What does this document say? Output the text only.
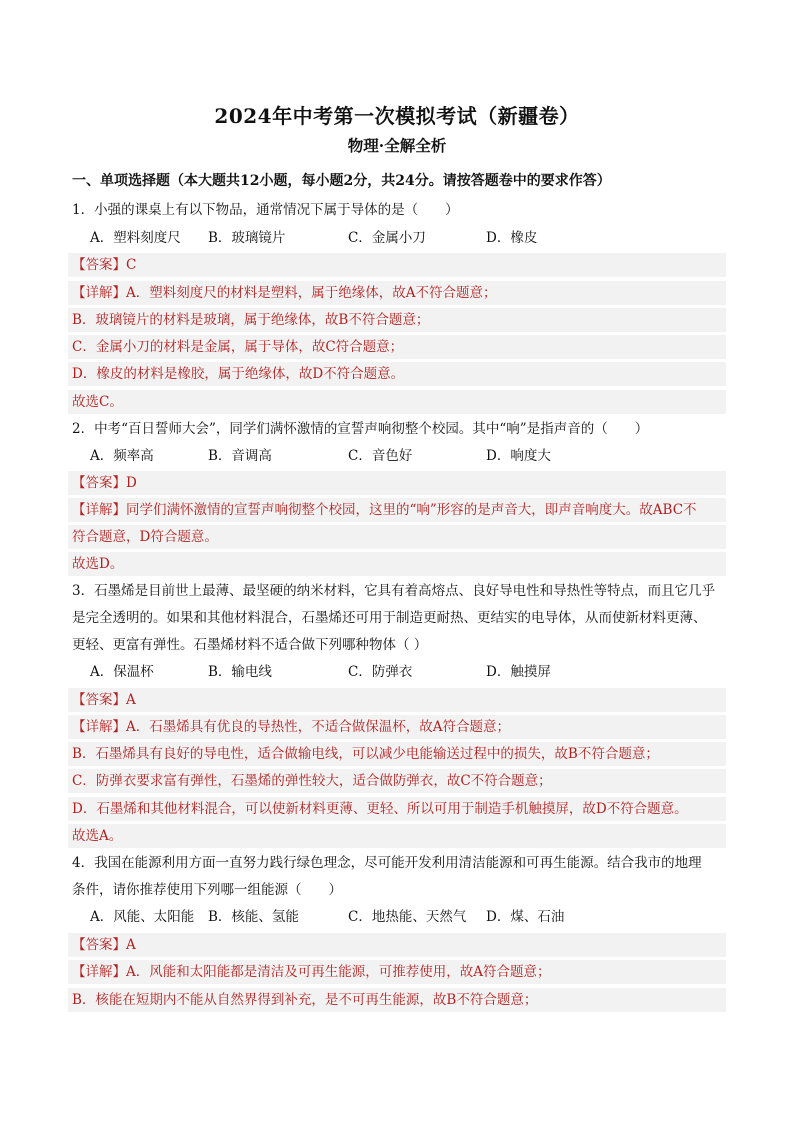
2024年中考第一次模拟考试（新疆卷）
物理·全解全析
一、单项选择题（本大题共12小题，每小题2分，共24分。请按答题卷中的要求作答）
1．小强的课桌上有以下物品，通常情况下属于导体的是（　　）
A．塑料刻度尺	B．玻璃镜片	C．金属小刀	D．橡皮
【答案】C
【详解】A．塑料刻度尺的材料是塑料，属于绝缘体，故A不符合题意；
B．玻璃镜片的材料是玻璃，属于绝缘体，故B不符合题意；
C．金属小刀的材料是金属，属于导体，故C符合题意；
D．橡皮的材料是橡胶，属于绝缘体，故D不符合题意。
故选C。
2．中考“百日誓师大会”，同学们满怀激情的宣誓声响彻整个校园。其中“响”是指声音的（　　）
A．频率高	B．音调高	C．音色好	D．响度大
【答案】D
【详解】同学们满怀激情的宣誓声响彻整个校园，这里的“响”形容的是声音大，即声音响度大。故ABC不
符合题意，D符合题意。
故选D。
3．石墨烯是目前世上最薄、最坚硬的纳米材料，它具有着高熔点、良好导电性和导热性等特点，而且它几乎
是完全透明的。如果和其他材料混合，石墨烯还可用于制造更耐热、更结实的电导体，从而使新材料更薄、
更轻、更富有弹性。石墨烯材料不适合做下列哪种物体（ ）
A．保温杯	B．输电线	C．防弹衣	D．触摸屏
【答案】A
【详解】A．石墨烯具有优良的导热性，不适合做保温杯，故A符合题意；
B．石墨烯具有良好的导电性，适合做输电线，可以减少电能输送过程中的损失，故B不符合题意；
C．防弹衣要求富有弹性，石墨烯的弹性较大，适合做防弹衣，故C不符合题意；
D．石墨烯和其他材料混合，可以使新材料更薄、更轻、所以可用于制造手机触摸屏，故D不符合题意。
故选A。
4．我国在能源利用方面一直努力践行绿色理念，尽可能开发利用清洁能源和可再生能源。结合我市的地理
条件，请你推荐使用下列哪一组能源（　　）
A．风能、太阳能	B．核能、氢能	C．地热能、天然气	D．煤、石油
【答案】A
【详解】A．风能和太阳能都是清洁及可再生能源，可推荐使用，故A符合题意；
B．核能在短期内不能从自然界得到补充，是不可再生能源，故B不符合题意；
